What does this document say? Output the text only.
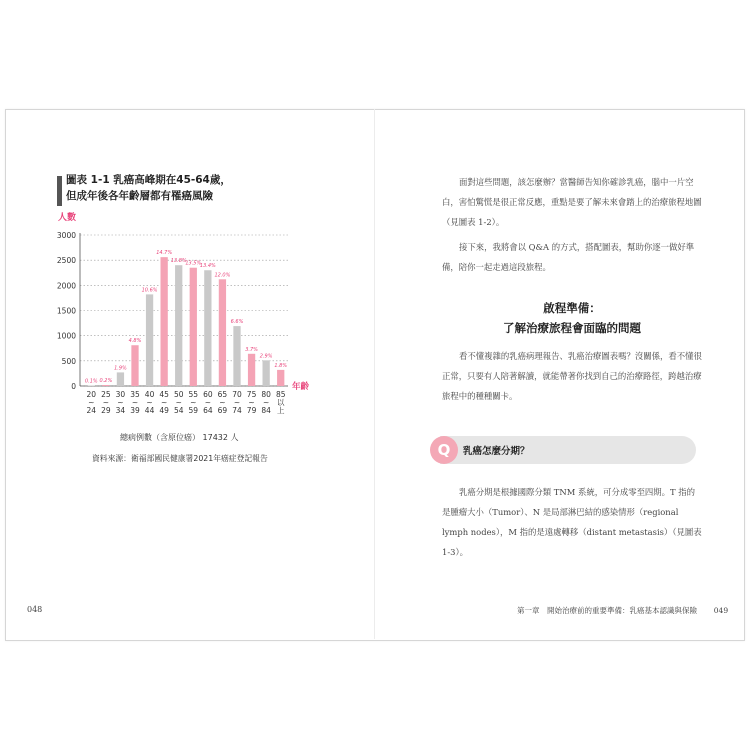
圖表 1-1 乳癌高峰期在45-64歲，
但成年後各年齡層都有罹癌風險
人數
0
500
1000
1500
2000
2500
3000
年齡
0.1%
20
~
24
0.2%
25
~
29
1.9%
30
~
34
4.8%
35
~
39
10.6%
40
~
44
14.7%
45
~
49
13.8%
50
~
54
13.5%
55
~
59
13.4%
60
~
64
12.0%
65
~
69
6.6%
70
~
74
3.7%
75
~
79
2.9%
80
~
84
1.8%
85
以
上
總病例數（含原位癌） 17432 人
資料來源：衛福部國民健康署2021年癌症登記報告
048

面對這些問題，該怎麼辦？當醫師告知你確診乳癌，腦中一片空白，害怕驚慌是很正常反應，重點是要了解未來會踏上的治療旅程地圖（見圖表 1-2）。

接下來，我將會以 Q&A 的方式，搭配圖表，幫助你逐一做好準備，陪你一起走過這段旅程。

啟程準備：
了解治療旅程會面臨的問題

看不懂複雜的乳癌病理報告、乳癌治療圖表嗎？沒關係，看不懂很正常，只要有人陪著解讀，就能帶著你找到自己的治療路徑，跨越治療旅程中的種種關卡。

Q	乳癌怎麼分期？

乳癌分期是根據國際分類 TNM 系統，可分成零至四期。T 指的是腫瘤大小（Tumor）、N 是局部淋巴結的感染情形（regional lymph nodes），M 指的是遠處轉移（distant metastasis）（見圖表 1-3）。

第一章　開始治療前的重要準備：乳癌基本認識與保險 049
